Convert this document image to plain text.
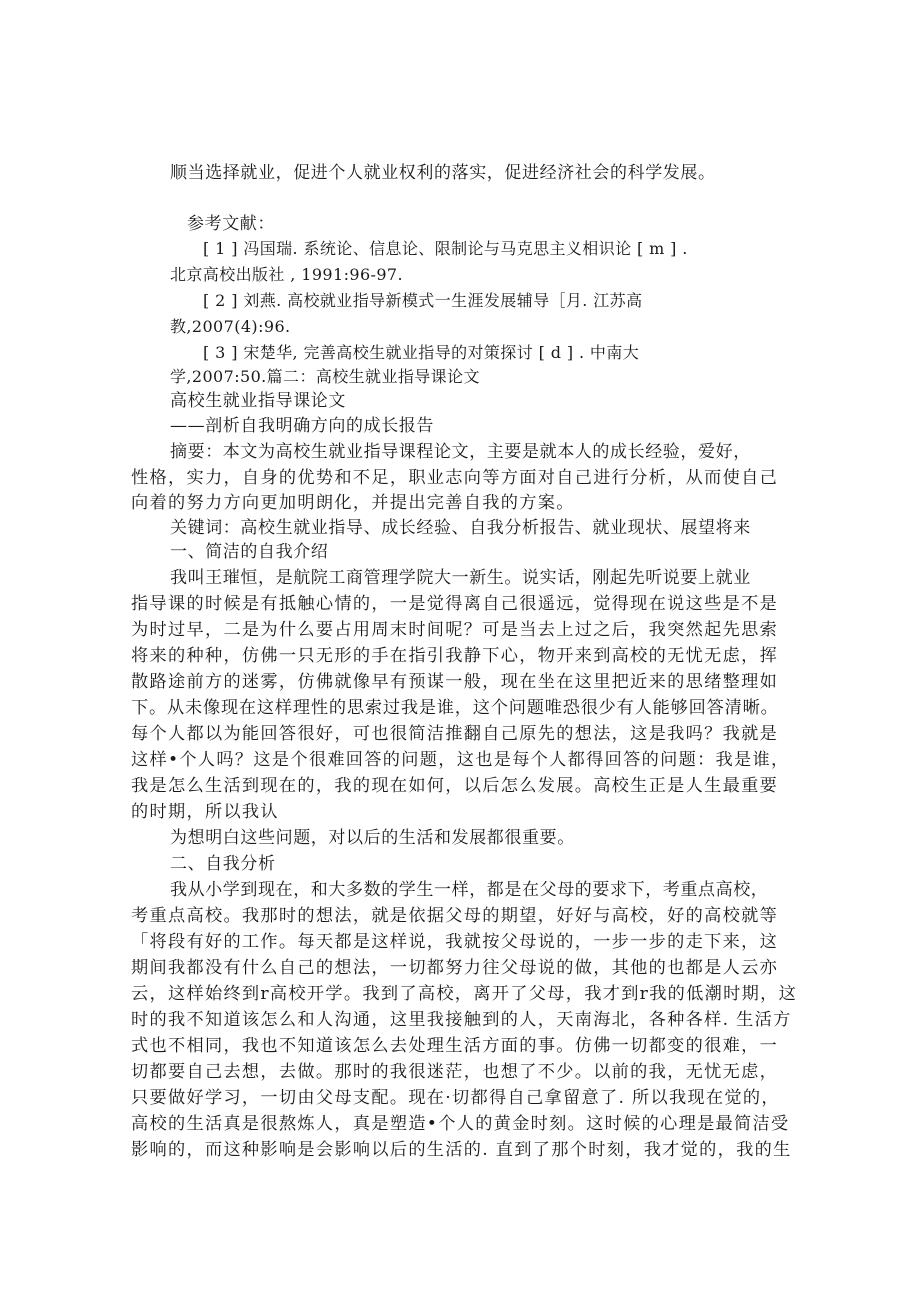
顺当选择就业，促进个人就业权利的落实，促进经济社会的科学发展。
参考文献：
[ 1 ] 冯国瑞. 系统论、信息论、限制论与马克思主义相识论 [ m ] .
北京高校出版社 , 1991:96-97.
[ 2 ] 刘燕. 高校就业指导新模式一生涯发展辅导［月. 江苏高
教,2007(4):96.
[ 3 ] 宋楚华, 完善高校生就业指导的对策探讨 [ d ] . 中南大
学,2007:50.篇二：高校生就业指导课论文
高校生就业指导课论文
——剖析自我明确方向的成长报告
摘要：本文为高校生就业指导课程论文，主要是就本人的成长经验，爱好，
性格，实力，自身的优势和不足，职业志向等方面对自己进行分析，从而使自己
向着的努力方向更加明朗化，并提出完善自我的方案。
关键词：高校生就业指导、成长经验、自我分析报告、就业现状、展望将来
一、简洁的自我介绍
我叫王璀恒，是航院工商管理学院大一新生。说实话，刚起先听说要上就业
指导课的时候是有抵触心情的，一是觉得离自己很遥远，觉得现在说这些是不是
为时过早，二是为什么要占用周末时间呢？可是当去上过之后，我突然起先思索
将来的种种，仿佛一只无形的手在指引我静下心，物开来到高校的无忧无虑，挥
散路途前方的迷雾，仿佛就像早有预谋一般，现在坐在这里把近来的思绪整理如
下。从未像现在这样理性的思索过我是谁，这个问题唯恐很少有人能够回答清晰。
每个人都以为能回答很好，可也很简洁推翻自己原先的想法，这是我吗？我就是
这样•个人吗？这是个很难回答的问题，这也是每个人都得回答的问题：我是谁，
我是怎么生活到现在的，我的现在如何，以后怎么发展。高校生正是人生最重要
的时期，所以我认
为想明白这些问题，对以后的生活和发展都很重要。
二、自我分析
我从小学到现在，和大多数的学生一样，都是在父母的要求下，考重点高校，
考重点高校。我那时的想法，就是依据父母的期望，好好与高校，好的高校就等
「将段有好的工作。每天都是这样说，我就按父母说的，一步一步的走下来，这
期间我都没有什么自己的想法，一切都努力往父母说的做，其他的也都是人云亦
云，这样始终到r高校开学。我到了高校，离开了父母，我才到r我的低潮时期，这
时的我不知道该怎么和人沟通，这里我接触到的人，天南海北，各种各样. 生活方
式也不相同，我也不知道该怎么去处理生活方面的事。仿佛一切都变的很难，一
切都要自己去想，去做。那时的我很迷茫，也想了不少。以前的我，无忧无虑，
只要做好学习，一切由父母支配。现在·切都得自己拿留意了. 所以我现在觉的，
高校的生活真是很熬炼人，真是塑造•个人的黄金时刻。这时候的心理是最简洁受
影响的，而这种影响是会影响以后的生活的. 直到了那个时刻，我才觉的，我的生
